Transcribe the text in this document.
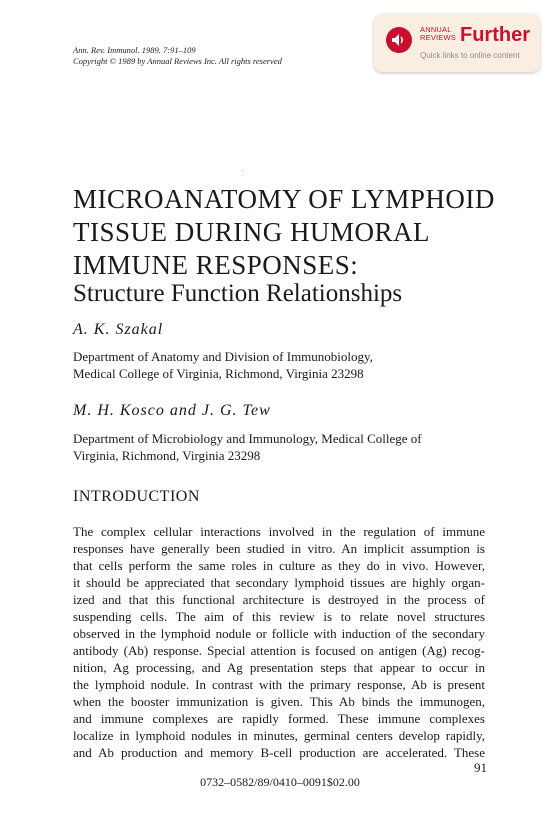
Ann. Rev. Immunol. 1989. 7:91–109
Copyright © 1989 by Annual Reviews Inc. All rights reserved
ANNUAL
REVIEWS Further
Quick links to online content
MICROANATOMY OF LYMPHOID
TISSUE DURING HUMORAL
IMMUNE RESPONSES:
Structure Function Relationships
A. K. Szakal
Department of Anatomy and Division of Immunobiology,
Medical College of Virginia, Richmond, Virginia 23298
M. H. Kosco and J. G. Tew
Department of Microbiology and Immunology, Medical College of
Virginia, Richmond, Virginia 23298
INTRODUCTION
The complex cellular interactions involved in the regulation of immune
responses have generally been studied in vitro. An implicit assumption is
that cells perform the same roles in culture as they do in vivo. However,
it should be appreciated that secondary lymphoid tissues are highly organ-
ized and that this functional architecture is destroyed in the process of
suspending cells. The aim of this review is to relate novel structures
observed in the lymphoid nodule or follicle with induction of the secondary
antibody (Ab) response. Special attention is focused on antigen (Ag) recog-
nition, Ag processing, and Ag presentation steps that appear to occur in
the lymphoid nodule. In contrast with the primary response, Ab is present
when the booster immunization is given. This Ab binds the immunogen,
and immune complexes are rapidly formed. These immune complexes
localize in lymphoid nodules in minutes, germinal centers develop rapidly,
and Ab production and memory B-cell production are accelerated. These
91
0732–0582/89/0410–0091$02.00
